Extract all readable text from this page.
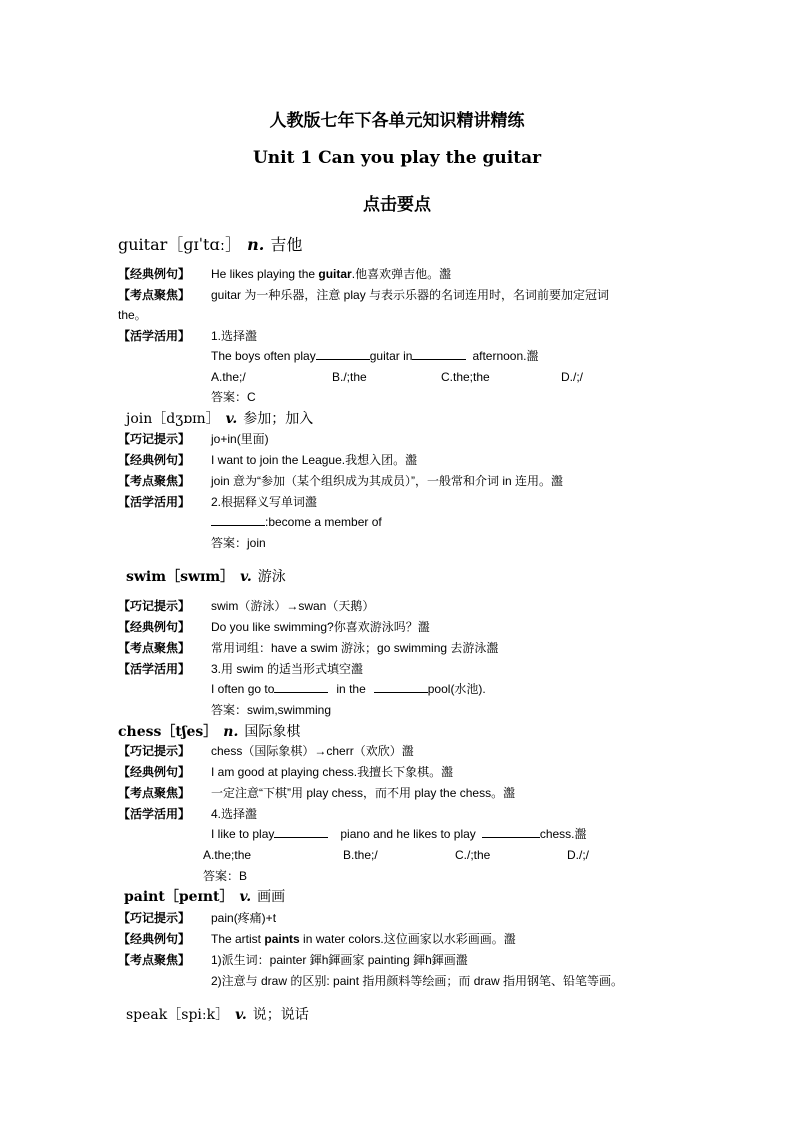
人教版七年下各单元知识精讲精练
Unit 1 Can you play the guitar
点击要点
guitar［ɡɪˈtɑː］ n. 吉他
【经典例句】 He likes playing the guitar.他喜欢弹吉他。瀊
【考点聚焦】 guitar 为一种乐器，注意 play 与表示乐器的名词连用时，名词前要加定冠词
the。
【活学活用】 1.选择瀊
The boys often play	guitar in	afternoon.瀊
A.the;/	B./;the	C.the;the	D./;/
答案：C
join［dʒɒɪn］ v. 参加；加入
【巧记提示】 jo+in(里面)
【经典例句】 I want to join the League.我想入团。瀊
【考点聚焦】 join 意为“参加（某个组织成为其成员）”，一般常和介词 in 连用。瀊
【活学活用】 2.根据释义写单词瀊
:become a member of
答案：join
swim［swɪm］ v. 游泳
【巧记提示】 swim（游泳）→swan（天鹅）
【经典例句】 Do you like swimming?你喜欢游泳吗？瀊
【考点聚焦】 常用词组：have a swim 游泳；go swimming 去游泳瀊
【活学活用】 3.用 swim 的适当形式填空瀊
I often go to	in the	pool(水池).
答案：swim,swimming
chess［tʃes］ n. 国际象棋
【巧记提示】 chess（国际象棋）→cherr（欢欣）瀊
【经典例句】 I am good at playing chess.我擅长下象棋。瀊
【考点聚焦】 一定注意“下棋”用 play chess，而不用 play the chess。瀊
【活学活用】 4.选择瀊
I like to play	piano and he likes to play	chess.瀊
A.the;the	B.the;/	C./;the	D./;/
答案：B
paint［peɪnt］ v. 画画
【巧记提示】 pain(疼痛)+t
【经典例句】 The artist paints in water colors.这位画家以水彩画画。瀊
【考点聚焦】 1)派生词：painter 鍕h鍕画家 painting 鍕h鍕画瀊
2)注意与 draw 的区别: paint 指用颜料等绘画；而 draw 指用钢笔、铅笔等画。
speak［spiːk］ v. 说；说话
